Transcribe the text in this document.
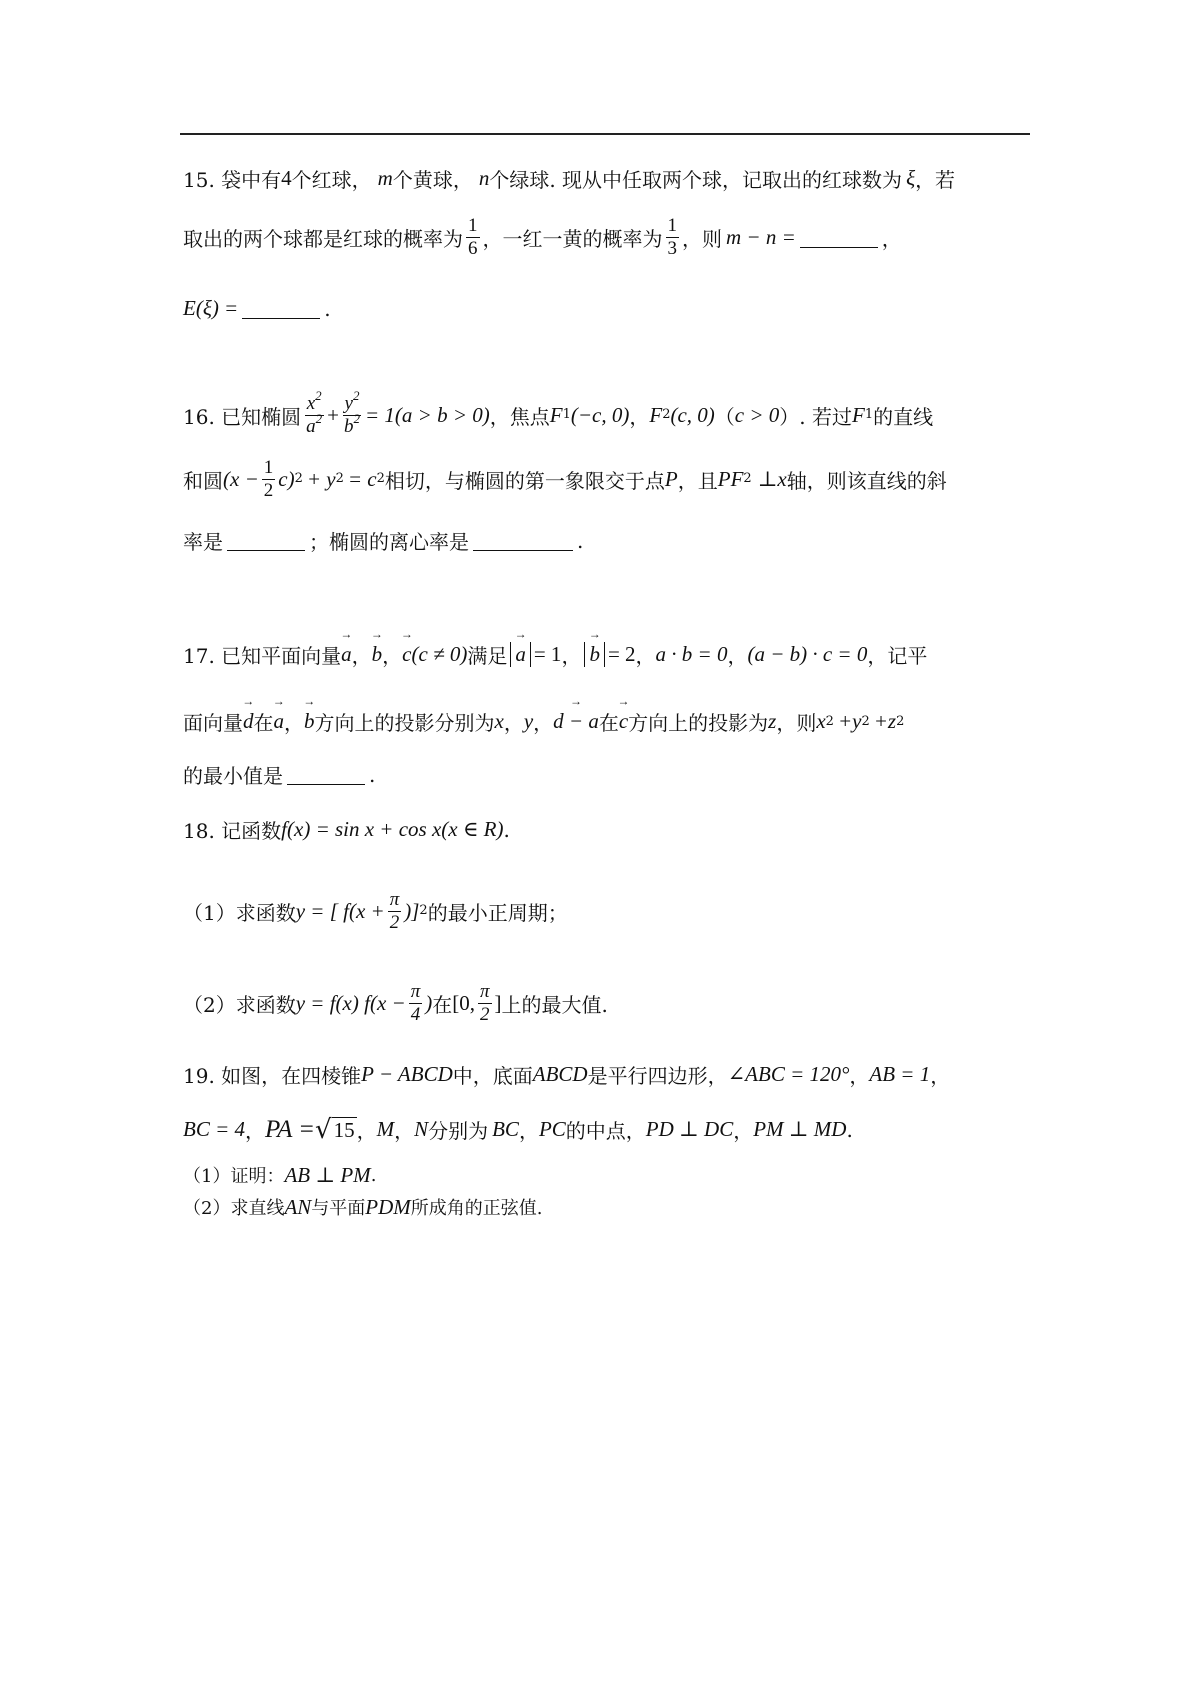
15. 袋中有 4 个红球， m 个黄球， n 个绿球. 现从中任取两个球，记取出的红球数为 ξ ，若
取出的两个球都是红球的概率为 $\frac{1}{6}$ ，一红一黄的概率为 $\frac{1}{3}$ ，则 m − n =	，
E(ξ) =	.
16. 已知椭圆 $\frac{x^2}{a^2} + \frac{y^2}{b^2} = 1(a > b > 0)$ ，焦点 F 1 (−c, 0) ， F 2 (c, 0) （ c > 0 ）. 若过 F 1 的直线
和圆 $(x - \frac{1}{2} c)$ 2 + y 2 = c 2 相切，与椭圆的第一象限交于点 P ，且 PF 2 ⊥x 轴，则该直线的斜
率是	；椭圆的离心率是	.
17. 已知平面向量 → a ， → b ， → c (c ≠ 0) 满足 → a = 1 ， → b = 2 ， a · b = 0 ， (a − b) · c = 0 ，记平
面向量 → d 在 → a ， → b 方向上的投影分别为 x ， y ， → d − a 在 → c 方向上的投影为 z ，则 x 2 +y 2 +z 2
的最小值是	.
18. 记函数 f(x) = sin x + cos x(x ∈ R) .
（1）求函数 y = [ $f(x + \frac{\pi}{2}$ )] 2 的最小正周期；
（2）求函数 y = f(x) $f(x - \frac{\pi}{4}$ ) 在 [0, $\frac{\pi}{2}$ ] 上的最大值.
19. 如图，在四棱锥 P − ABCD 中，底面 ABCD 是平行四边形， ∠ABC = 120° ， AB = 1 ，
BC = 4 ， PA = √ 15 ， M ， N 分别为 BC ， PC 的中点， PD ⊥ DC ， PM ⊥ MD .
（1）证明： AB ⊥ PM .
（2）求直线 AN 与平面 PDM 所成角的正弦值.
